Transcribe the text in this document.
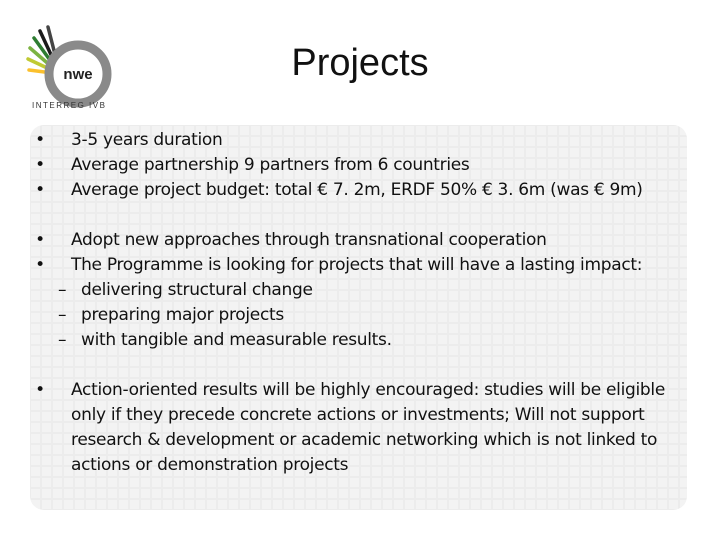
nwe
INTERREG IVB
Projects
• 3-5 years duration
• Average partnership 9 partners from 6 countries
• Average project budget: total € 7. 2m, ERDF 50% € 3. 6m (was € 9m)
• Adopt new approaches through transnational cooperation
• The Programme is looking for projects that will have a lasting impact:
– delivering structural change
– preparing major projects
– with tangible and measurable results.
• Action-oriented results will be highly encouraged: studies will be eligible only if they precede concrete actions or investments; Will not support research & development or academic networking which is not linked to actions or demonstration projects
